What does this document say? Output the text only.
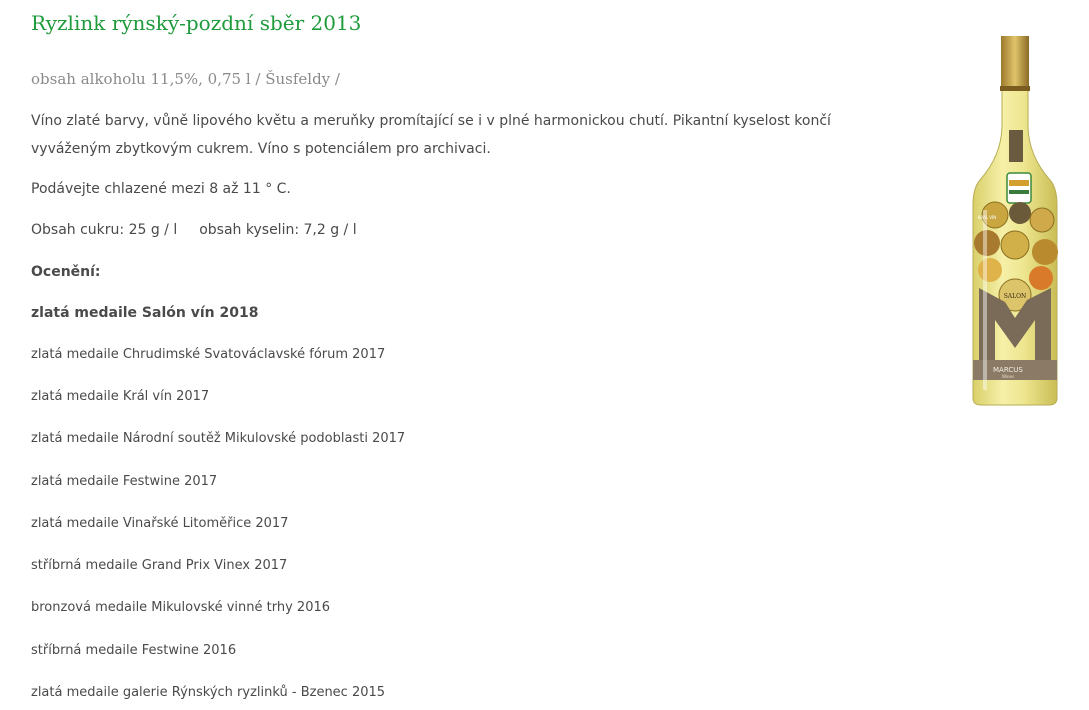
Ryzlink rýnský-pozdní sběr 2013
obsah alkoholu 11,5%, 0,75 l / Šusfeldy /

Víno zlaté barvy, vůně lipového květu a meruňky promítající se i v plné harmonickou chutí. Pikantní kyselost končí vyváženým zbytkovým cukrem. Víno s potenciálem pro archivaci.

Podávejte chlazené mezi 8 až 11 ° C.

Obsah cukru: 25 g / l obsah kyselin: 7,2 g / l

Ocenění:

zlatá medaile Salón vín 2018

zlatá medaile Chrudimské Svatováclavské fórum 2017

zlatá medaile Král vín 2017

zlatá medaile Národní soutěž Mikulovské podoblasti 2017

zlatá medaile Festwine 2017

zlatá medaile Vinařské Litoměřice 2017

stříbrná medaile Grand Prix Vinex 2017

bronzová medaile Mikulovské vinné trhy 2016

stříbrná medaile Festwine 2016

zlatá medaile galerie Rýnských ryzlinků - Bzenec 2015

SALON
KRÁL VÍN
MARCUS
Wines
